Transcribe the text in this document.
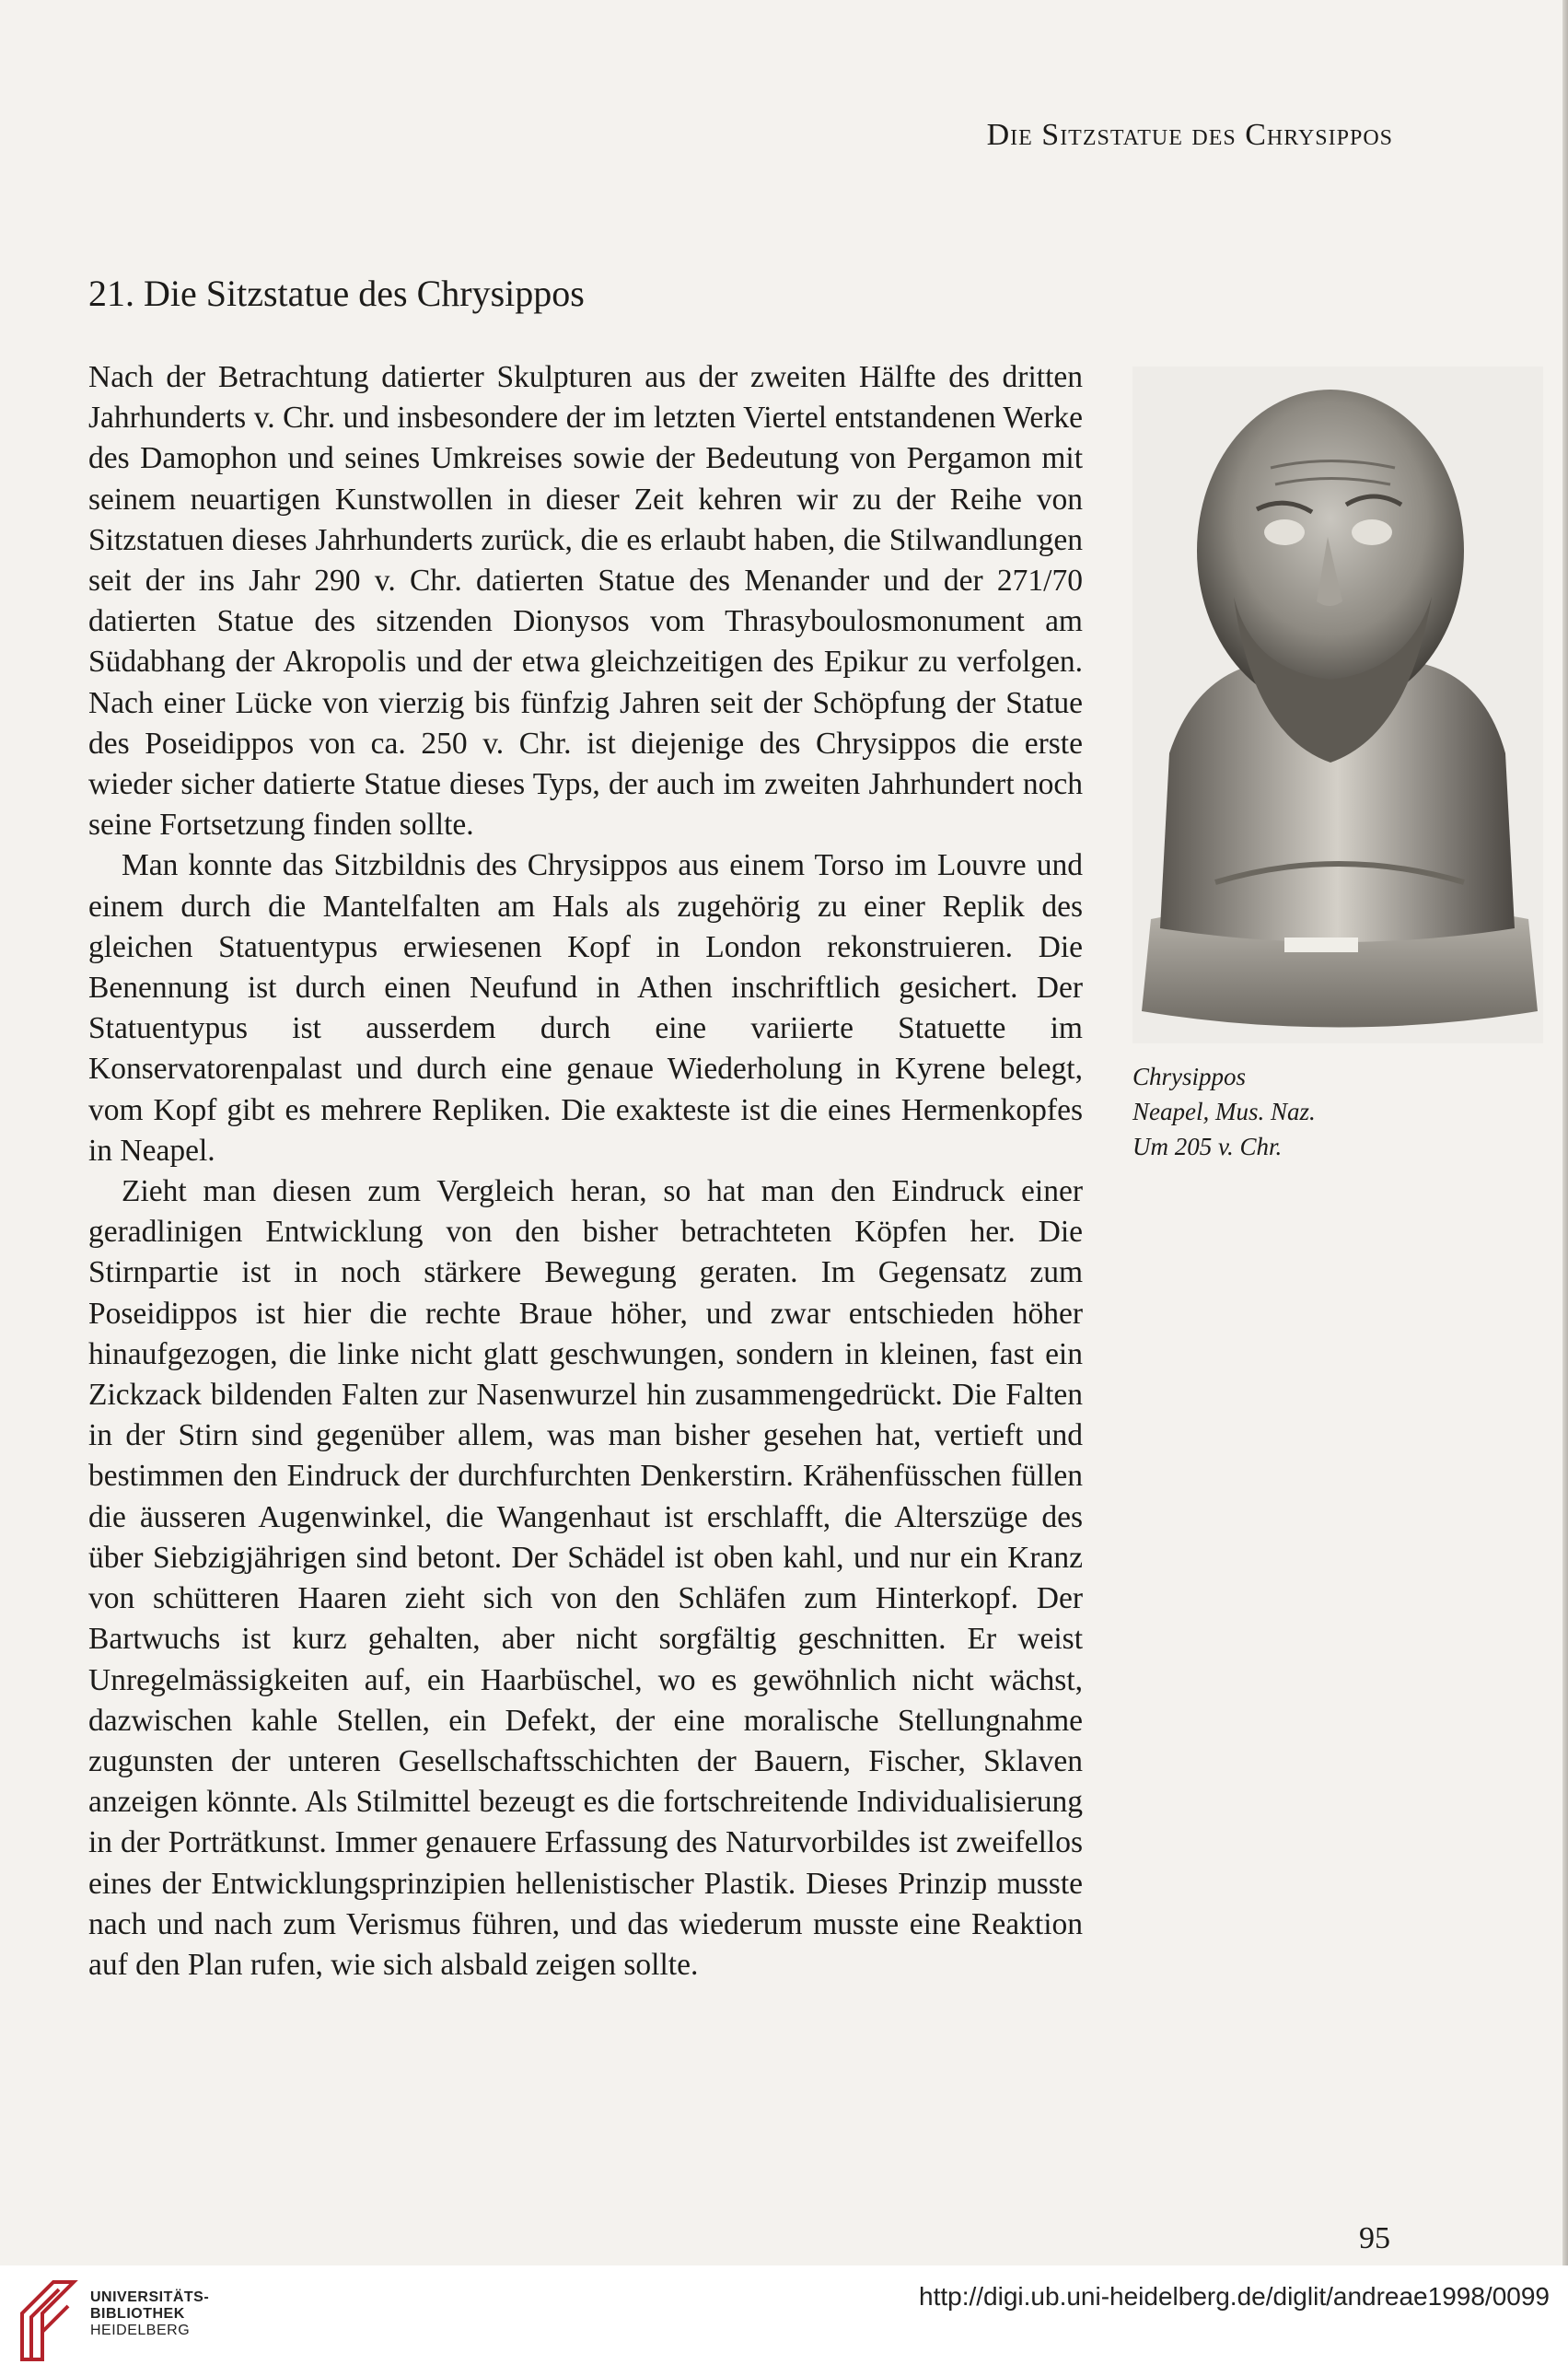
Die Sitzstatue des Chrysippos
21. Die Sitzstatue des Chrysippos

Nach der Betrachtung datierter Skulpturen aus der zweiten Hälfte des dritten Jahrhunderts v. Chr. und insbesondere der im letzten Viertel entstandenen Werke des Damophon und seines Umkreises sowie der Bedeutung von Pergamon mit seinem neuartigen Kunstwollen in dieser Zeit kehren wir zu der Reihe von Sitzstatuen dieses Jahrhunderts zurück, die es erlaubt haben, die Stilwandlungen seit der ins Jahr 290 v. Chr. datierten Statue des Menander und der 271/70 datierten Statue des sitzenden Dionysos vom Thrasyboulosmonument am Südabhang der Akropolis und der etwa gleichzeitigen des Epikur zu verfolgen. Nach einer Lücke von vierzig bis fünfzig Jahren seit der Schöpfung der Statue des Poseidippos von ca. 250 v. Chr. ist diejenige des Chrysippos die erste wieder sicher datierte Statue dieses Typs, der auch im zweiten Jahrhundert noch seine Fortsetzung finden sollte.

Man konnte das Sitzbildnis des Chrysippos aus einem Torso im Louvre und einem durch die Mantelfalten am Hals als zugehörig zu einer Replik des gleichen Statuentypus erwiesenen Kopf in London rekonstruieren. Die Benennung ist durch einen Neufund in Athen inschriftlich gesichert. Der Statuentypus ist ausserdem durch eine variierte Statuette im Konservatorenpalast und durch eine genaue Wiederholung in Kyrene belegt, vom Kopf gibt es mehrere Repliken. Die exakteste ist die eines Hermenkopfes in Neapel.

Zieht man diesen zum Vergleich heran, so hat man den Eindruck einer geradlinigen Entwicklung von den bisher betrachteten Köpfen her. Die Stirnpartie ist in noch stärkere Bewegung geraten. Im Gegensatz zum Poseidippos ist hier die rechte Braue höher, und zwar entschieden höher hinaufgezogen, die linke nicht glatt geschwungen, sondern in kleinen, fast ein Zickzack bildenden Falten zur Nasenwurzel hin zusammengedrückt. Die Falten in der Stirn sind gegenüber allem, was man bisher gesehen hat, vertieft und bestimmen den Eindruck der durchfurchten Denkerstirn. Krähenfüsschen füllen die äusseren Augenwinkel, die Wangenhaut ist erschlafft, die Alterszüge des über Siebzigjährigen sind betont. Der Schädel ist oben kahl, und nur ein Kranz von schütteren Haaren zieht sich von den Schläfen zum Hinterkopf. Der Bartwuchs ist kurz gehalten, aber nicht sorgfältig geschnitten. Er weist Unregelmässigkeiten auf, ein Haarbüschel, wo es gewöhnlich nicht wächst, dazwischen kahle Stellen, ein Defekt, der eine moralische Stellungnahme zugunsten der unteren Gesellschaftsschichten der Bauern, Fischer, Sklaven anzeigen könnte. Als Stilmittel bezeugt es die fortschreitende Individualisierung in der Porträtkunst. Immer genauere Erfassung des Naturvorbildes ist zweifellos eines der Entwicklungsprinzipien hellenistischer Plastik. Dieses Prinzip musste nach und nach zum Verismus führen, und das wiederum musste eine Reaktion auf den Plan rufen, wie sich alsbald zeigen sollte.

Chrysippos
Neapel, Mus. Naz.
Um 205 v. Chr.
95
UNIVERSITÄTS-
BIBLIOTHEK
HEIDELBERG
http://digi.ub.uni-heidelberg.de/diglit/andreae1998/0099
